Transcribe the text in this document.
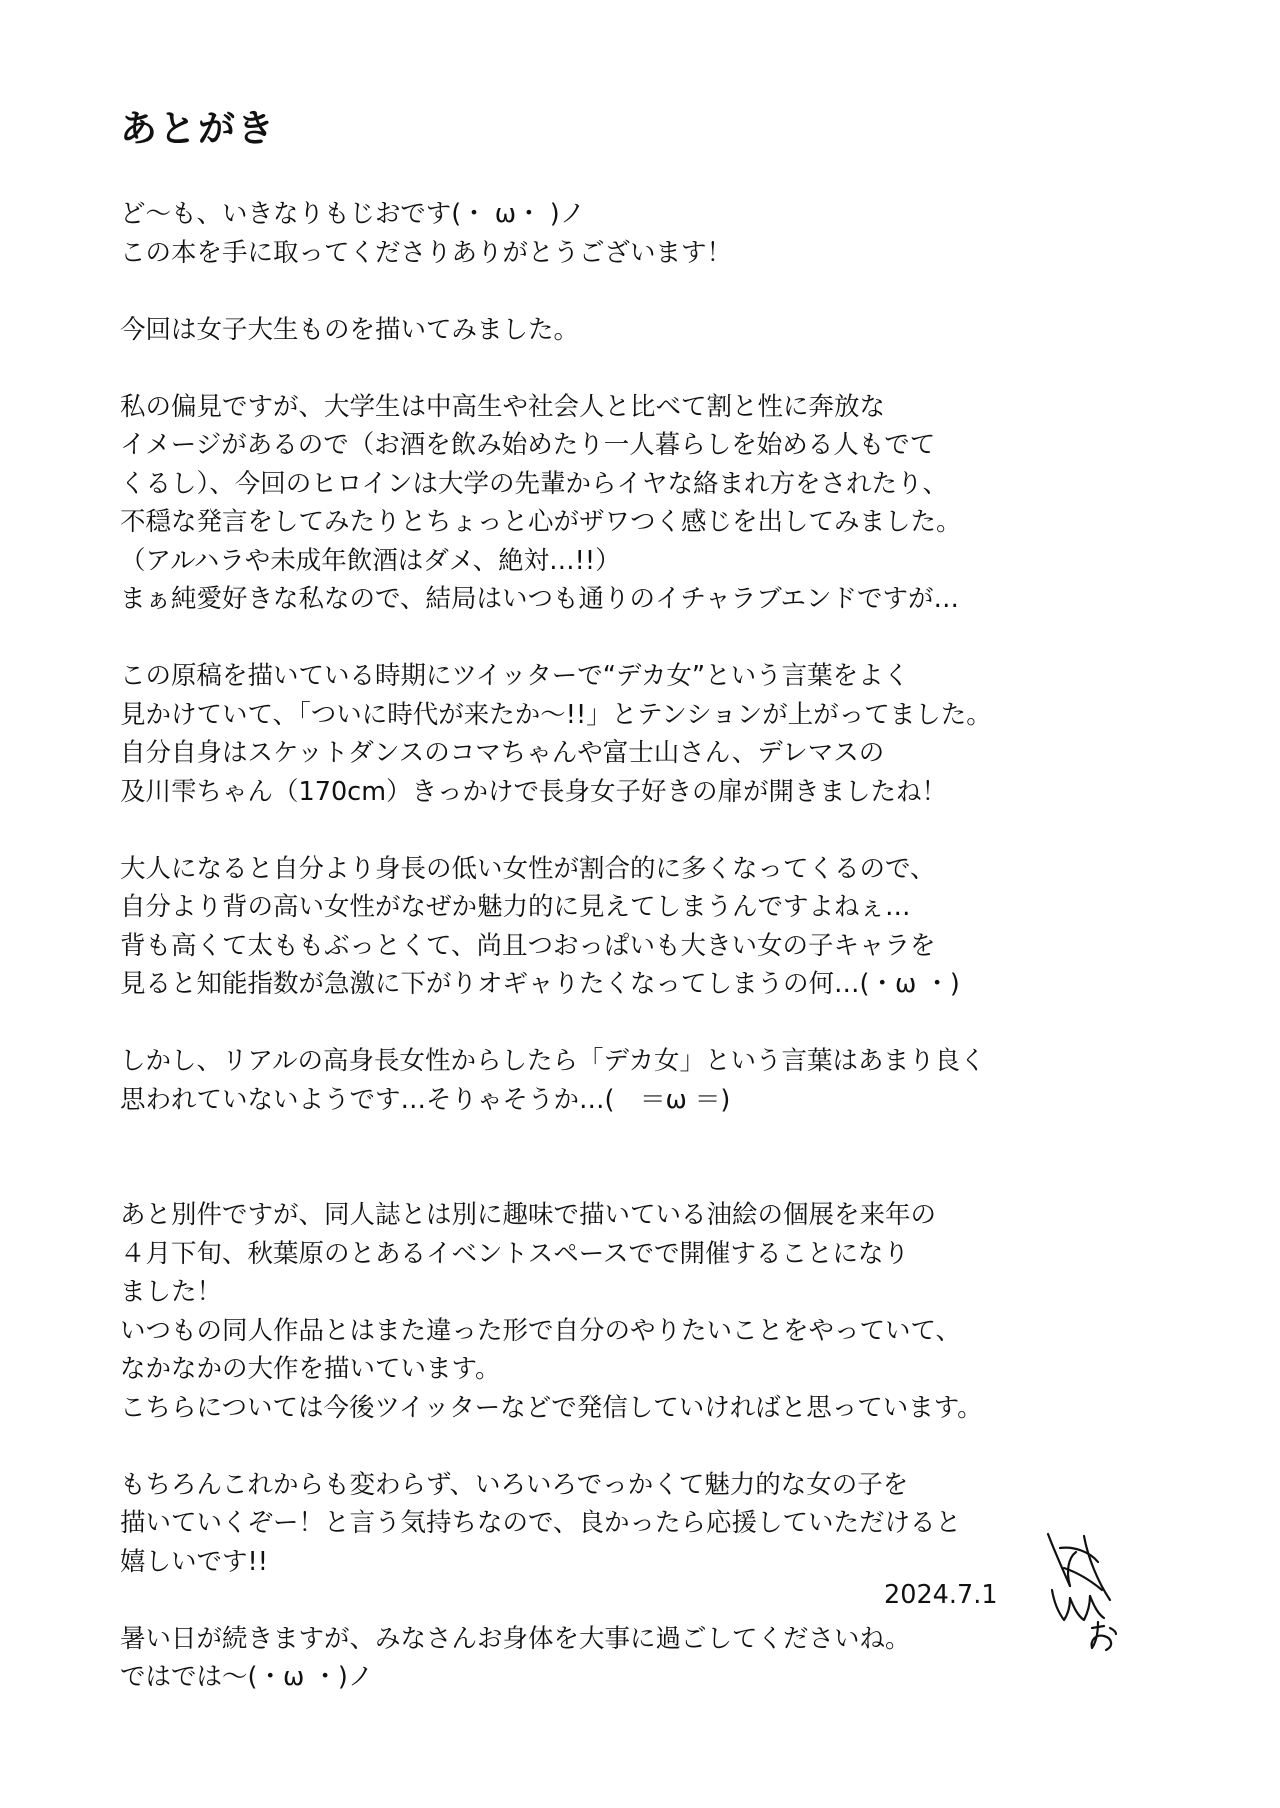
あとがき
ど～も、いきなりもじおです(・ ω・ )ノ
この本を手に取ってくださりありがとうございます！
今回は女子大生ものを描いてみました。
私の偏見ですが、大学生は中高生や社会人と比べて割と性に奔放な
イメージがあるので（お酒を飲み始めたり一人暮らしを始める人もでて
くるし）、今回のヒロインは大学の先輩からイヤな絡まれ方をされたり、
不穏な発言をしてみたりとちょっと心がザワつく感じを出してみました。
（アルハラや未成年飲酒はダメ、絶対…!!）
まぁ純愛好きな私なので、結局はいつも通りのイチャラブエンドですが…
この原稿を描いている時期にツイッターで“デカ女”という言葉をよく
見かけていて、「ついに時代が来たか～!!」とテンションが上がってました。
自分自身はスケットダンスのコマちゃんや富士山さん、デレマスの
及川雫ちゃん（170cm）きっかけで長身女子好きの扉が開きましたね！
大人になると自分より身長の低い女性が割合的に多くなってくるので、
自分より背の高い女性がなぜか魅力的に見えてしまうんですよねぇ…
背も高くて太ももぶっとくて、尚且つおっぱいも大きい女の子キャラを
見ると知能指数が急激に下がりオギャりたくなってしまうの何…(・ω ・)
しかし、リアルの高身長女性からしたら「デカ女」という言葉はあまり良く
思われていないようです…そりゃそうか…(　＝ω ＝)
あと別件ですが、同人誌とは別に趣味で描いている油絵の個展を来年の
４月下旬、秋葉原のとあるイベントスペースでで開催することになり
ました！
いつもの同人作品とはまた違った形で自分のやりたいことをやっていて、
なかなかの大作を描いています。
こちらについては今後ツイッターなどで発信していければと思っています。
もちろんこれからも変わらず、いろいろでっかくて魅力的な女の子を
描いていくぞー！と言う気持ちなので、良かったら応援していただけると
嬉しいです!!
暑い日が続きますが、みなさんお身体を大事に過ごしてくださいね。
ではでは～(・ω ・)ノ
2024.7.1
